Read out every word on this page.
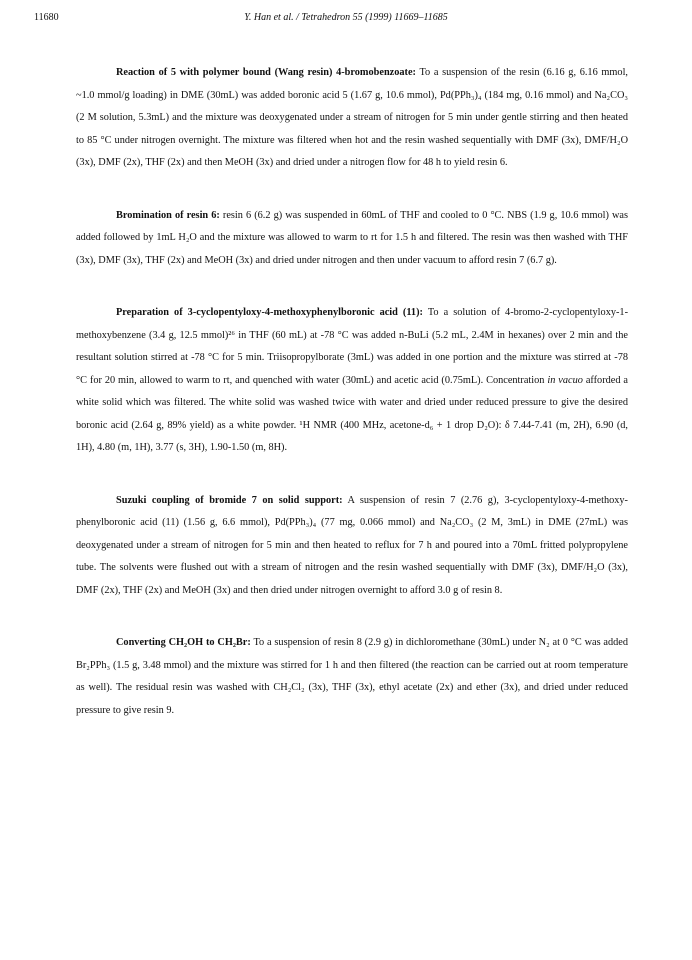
11680	Y. Han et al. / Tetrahedron 55 (1999) 11669–11685

Reaction of 5 with polymer bound (Wang resin) 4-bromobenzoate: To a suspension of the resin (6.16 g, 6.16 mmol, ~1.0 mmol/g loading) in DME (30mL) was added boronic acid 5 (1.67 g, 10.6 mmol), Pd(PPh₃)₄ (184 mg, 0.16 mmol) and Na₂CO₃ (2 M solution, 5.3mL) and the mixture was deoxygenated under a stream of nitrogen for 5 min under gentle stirring and then heated to 85 °C under nitrogen overnight. The mixture was filtered when hot and the resin washed sequentially with DMF (3x), DMF/H₂O (3x), DMF (2x), THF (2x) and then MeOH (3x) and dried under a nitrogen flow for 48 h to yield resin 6.

Bromination of resin 6: resin 6 (6.2 g) was suspended in 60mL of THF and cooled to 0 °C. NBS (1.9 g, 10.6 mmol) was added followed by 1mL H₂O and the mixture was allowed to warm to rt for 1.5 h and filtered. The resin was then washed with THF (3x), DMF (3x), THF (2x) and MeOH (3x) and dried under nitrogen and then under vacuum to afford resin 7 (6.7 g).

Preparation of 3-cyclopentyloxy-4-methoxyphenylboronic acid (11): To a solution of 4-bromo-2-cyclopentyloxy-1-methoxybenzene (3.4 g, 12.5 mmol)²⁶ in THF (60 mL) at -78 °C was added n-BuLi (5.2 mL, 2.4M in hexanes) over 2 min and the resultant solution stirred at -78 °C for 5 min. Triisopropylborate (3mL) was added in one portion and the mixture was stirred at -78 °C for 20 min, allowed to warm to rt, and quenched with water (30mL) and acetic acid (0.75mL). Concentration in vacuo afforded a white solid which was filtered. The white solid was washed twice with water and dried under reduced pressure to give the desired boronic acid (2.64 g, 89% yield) as a white powder. ¹H NMR (400 MHz, acetone-d₆ + 1 drop D₂O): δ 7.44-7.41 (m, 2H), 6.90 (d, 1H), 4.80 (m, 1H), 3.77 (s, 3H), 1.90-1.50 (m, 8H).

Suzuki coupling of bromide 7 on solid support: A suspension of resin 7 (2.76 g), 3-cyclopentyloxy-4-methoxy-phenylboronic acid (11) (1.56 g, 6.6 mmol), Pd(PPh₃)₄ (77 mg, 0.066 mmol) and Na₂CO₃ (2 M, 3mL) in DME (27mL) was deoxygenated under a stream of nitrogen for 5 min and then heated to reflux for 7 h and poured into a 70mL fritted polypropylene tube. The solvents were flushed out with a stream of nitrogen and the resin washed sequentially with DMF (3x), DMF/H₂O (3x), DMF (2x), THF (2x) and MeOH (3x) and then dried under nitrogen overnight to afford 3.0 g of resin 8.

Converting CH₂OH to CH₂Br: To a suspension of resin 8 (2.9 g) in dichloromethane (30mL) under N₂ at 0 °C was added Br₂PPh₃ (1.5 g, 3.48 mmol) and the mixture was stirred for 1 h and then filtered (the reaction can be carried out at room temperature as well). The residual resin was washed with CH₂Cl₂ (3x), THF (3x), ethyl acetate (2x) and ether (3x), and dried under reduced pressure to give resin 9.
